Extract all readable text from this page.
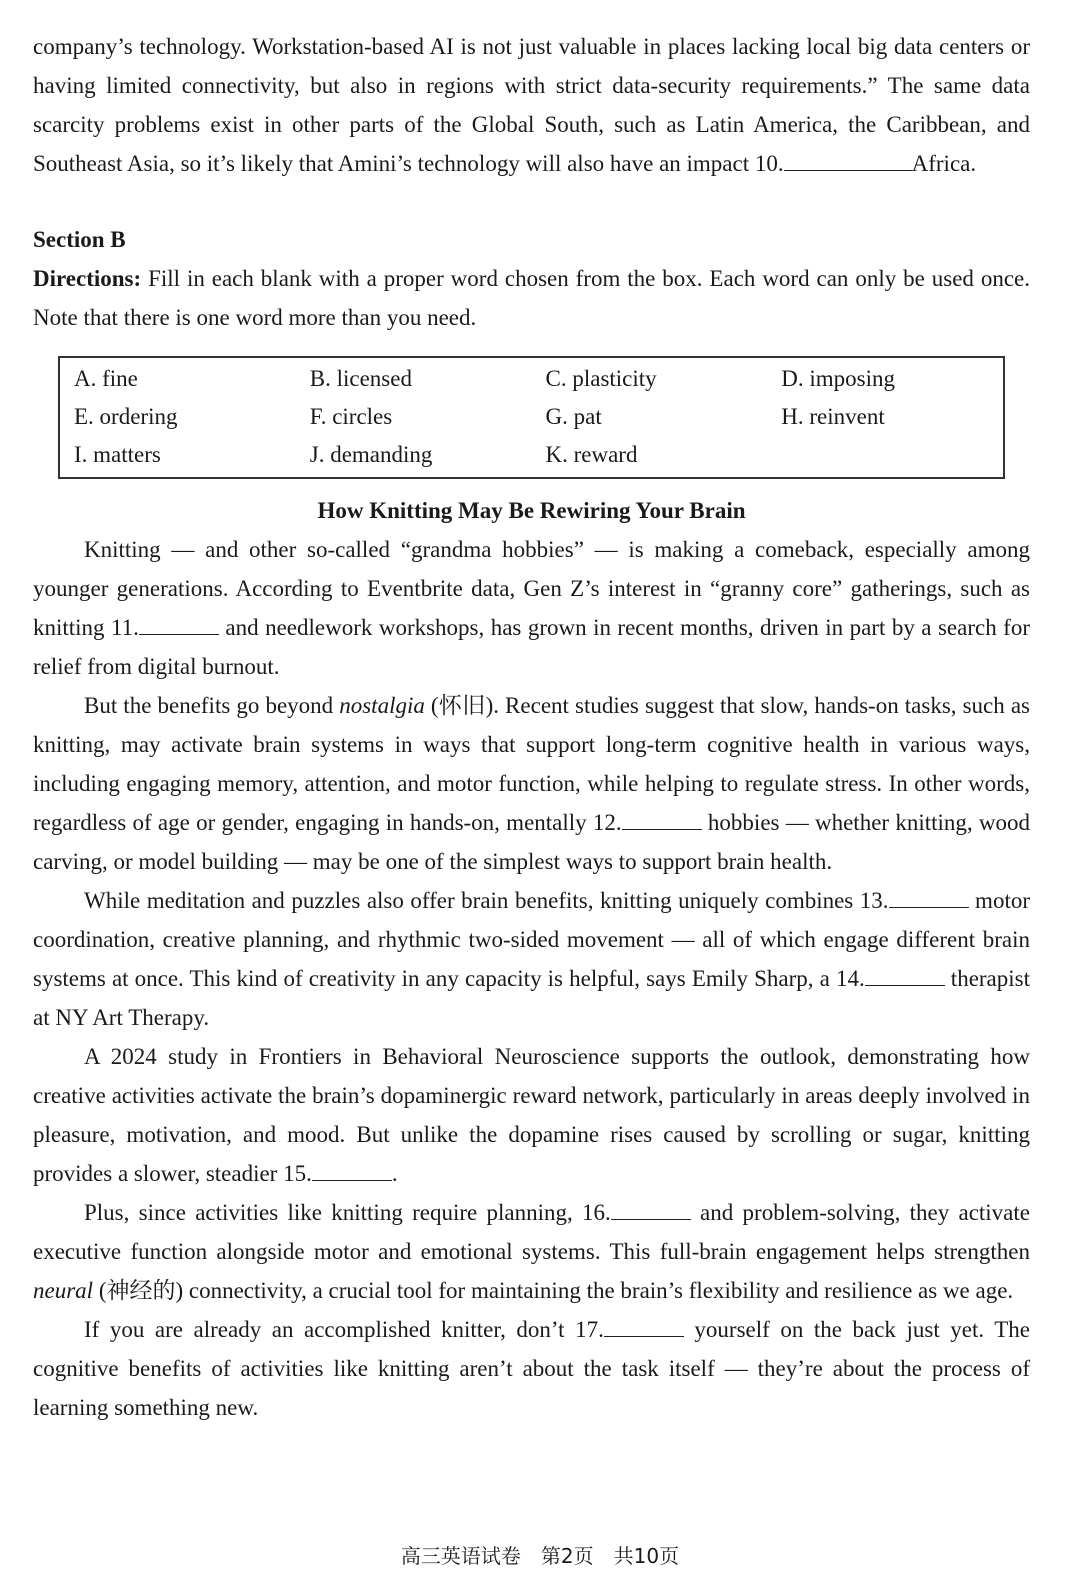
company’s technology. Workstation-based AI is not just valuable in places lacking local big data centers or having limited connectivity, but also in regions with strict data-security requirements.” The same data scarcity problems exist in other parts of the Global South, such as Latin America, the Caribbean, and Southeast Asia, so it’s likely that Amini’s technology will also have an impact 10.	Africa.

Section B

Directions: Fill in each blank with a proper word chosen from the box. Each word can only be used once. Note that there is one word more than you need.

A. fine	B. licensed	C. plasticity	D. imposing
E. ordering	F. circles	G. pat	H. reinvent
I. matters	J. demanding	K. reward
How Knitting May Be Rewiring Your Brain

Knitting — and other so-called “grandma hobbies” — is making a comeback, especially among younger generations. According to Eventbrite data, Gen Z’s interest in “granny core” gatherings, such as knitting 11.	and needlework workshops, has grown in recent months, driven in part by a search for relief from digital burnout.

But the benefits go beyond nostalgia (怀旧). Recent studies suggest that slow, hands-on tasks, such as knitting, may activate brain systems in ways that support long-term cognitive health in various ways, including engaging memory, attention, and motor function, while helping to regulate stress. In other words, regardless of age or gender, engaging in hands-on, mentally 12.	hobbies — whether knitting, wood carving, or model building — may be one of the simplest ways to support brain health.

While meditation and puzzles also offer brain benefits, knitting uniquely combines 13.	motor coordination, creative planning, and rhythmic two-sided movement — all of which engage different brain systems at once. This kind of creativity in any capacity is helpful, says Emily Sharp, a 14.	therapist at NY Art Therapy.

A 2024 study in Frontiers in Behavioral Neuroscience supports the outlook, demonstrating how creative activities activate the brain’s dopaminergic reward network, particularly in areas deeply involved in pleasure, motivation, and mood. But unlike the dopamine rises caused by scrolling or sugar, knitting provides a slower, steadier 15.	.

Plus, since activities like knitting require planning, 16.	and problem-solving, they activate executive function alongside motor and emotional systems. This full-brain engagement helps strengthen neural (神经的) connectivity, a crucial tool for maintaining the brain’s flexibility and resilience as we age.

If you are already an accomplished knitter, don’t 17.	yourself on the back just yet. The cognitive benefits of activities like knitting aren’t about the task itself — they’re about the process of learning something new.

高三英语试卷　第2页　共10页
